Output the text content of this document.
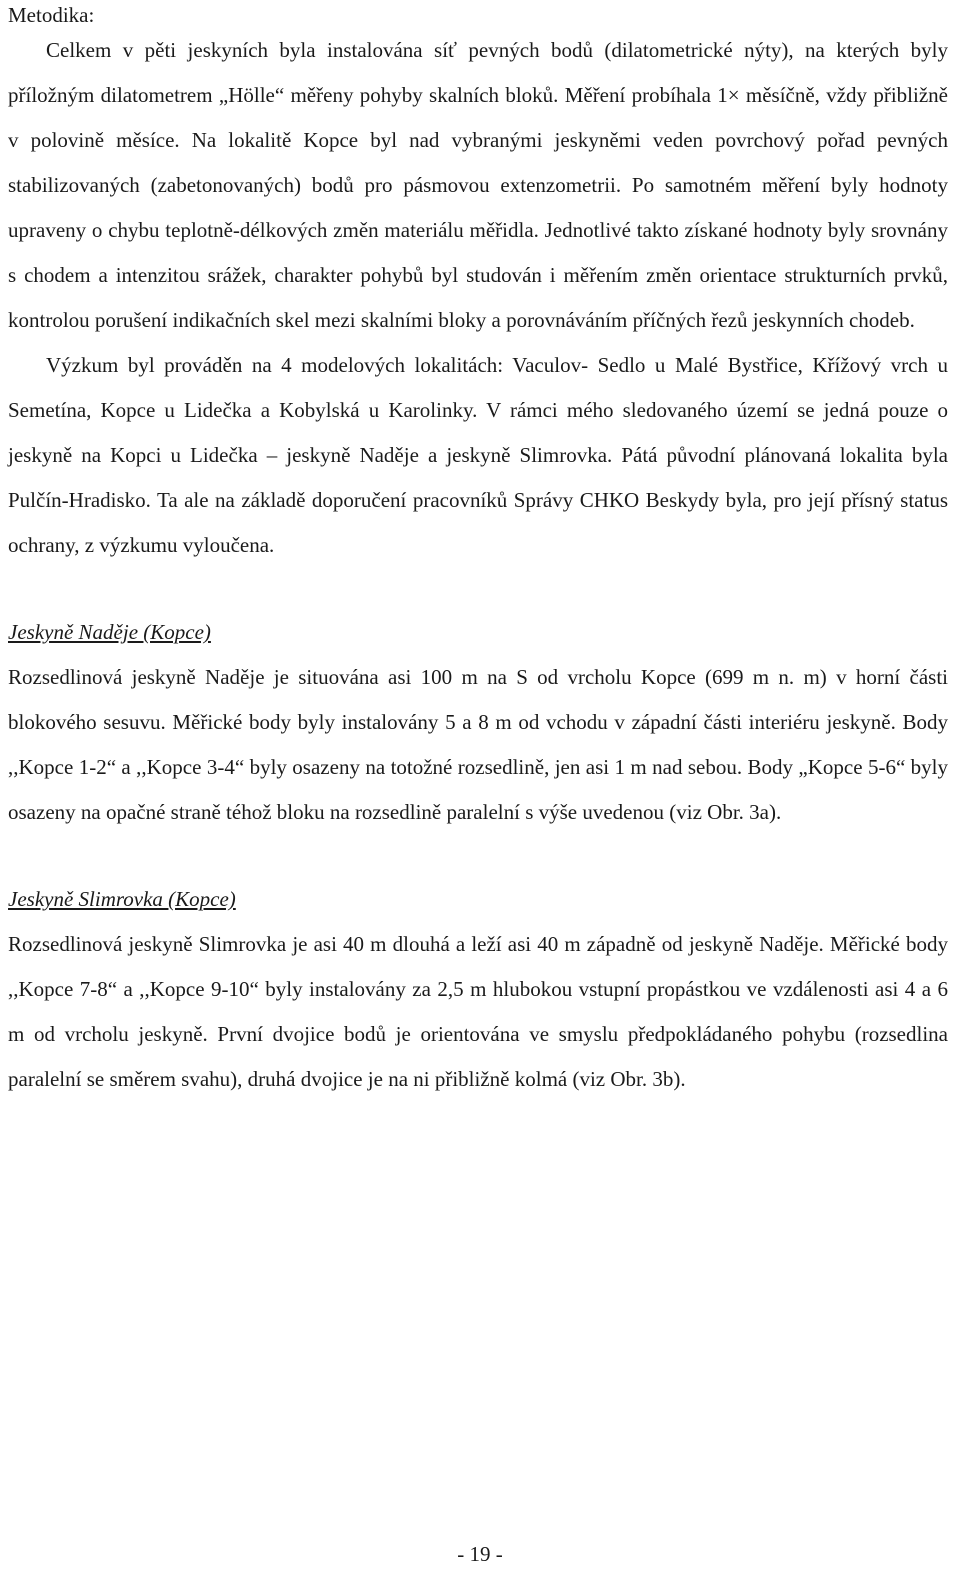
Metodika:

Celkem v pěti jeskyních byla instalována síť pevných bodů (dilatometrické nýty), na kterých byly příložným dilatometrem „Hölle“ měřeny pohyby skalních bloků. Měření probíhala 1× měsíčně, vždy přibližně v polovině měsíce. Na lokalitě Kopce byl nad vybranými jeskyněmi veden povrchový pořad pevných stabilizovaných (zabetonovaných) bodů pro pásmovou extenzometrii. Po samotném měření byly hodnoty upraveny o chybu teplotně-délkových změn materiálu měřidla. Jednotlivé takto získané hodnoty byly srovnány s chodem a intenzitou srážek, charakter pohybů byl studován i měřením změn orientace strukturních prvků, kontrolou porušení indikačních skel mezi skalními bloky a porovnáváním příčných řezů jeskynních chodeb.

Výzkum byl prováděn na 4 modelových lokalitách: Vaculov- Sedlo u Malé Bystřice, Křížový vrch u Semetína, Kopce u Lidečka a Kobylská u Karolinky. V rámci mého sledovaného území se jedná pouze o jeskyně na Kopci u Lidečka – jeskyně Naděje a jeskyně Slimrovka. Pátá původní plánovaná lokalita byla Pulčín-Hradisko. Ta ale na základě doporučení pracovníků Správy CHKO Beskydy byla, pro její přísný status ochrany, z výzkumu vyloučena.

Jeskyně Naděje (Kopce)

Rozsedlinová jeskyně Naděje je situována asi 100 m na S od vrcholu Kopce (699 m n. m) v horní části blokového sesuvu. Měřické body byly instalovány 5 a 8 m od vchodu v západní části interiéru jeskyně. Body ,,Kopce 1-2“ a ,,Kopce 3-4“ byly osazeny na totožné rozsedlině, jen asi 1 m nad sebou. Body „Kopce 5-6“ byly osazeny na opačné straně téhož bloku na rozsedlině paralelní s výše uvedenou (viz Obr. 3a).

Jeskyně Slimrovka (Kopce)

Rozsedlinová jeskyně Slimrovka je asi 40 m dlouhá a leží asi 40 m západně od jeskyně Naděje. Měřické body ,,Kopce 7-8“ a ,,Kopce 9-10“ byly instalovány za 2,5 m hlubokou vstupní propástkou ve vzdálenosti asi 4 a 6 m od vrcholu jeskyně. První dvojice bodů je orientována ve smyslu předpokládaného pohybu (rozsedlina paralelní se směrem svahu), druhá dvojice je na ni přibližně kolmá (viz Obr. 3b).

- 19 -
